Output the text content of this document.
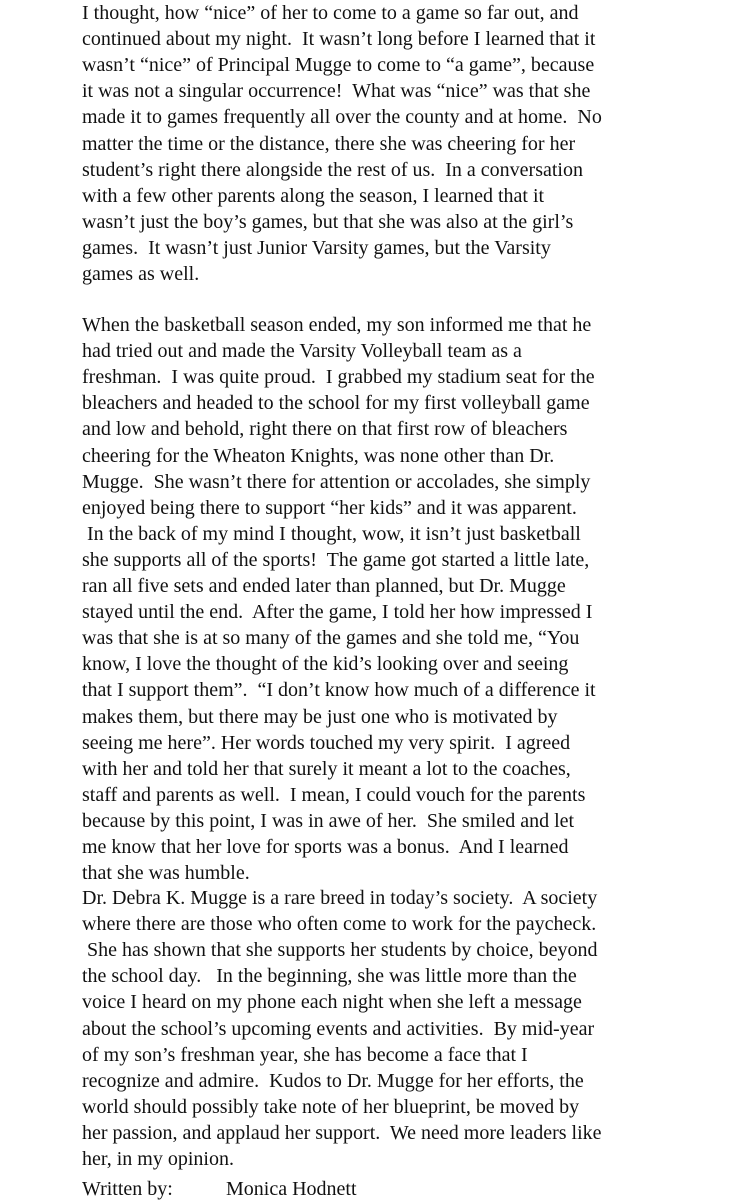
I thought, how “nice” of her to come to a game so far out, and

continued about my night.  It wasn’t long before I learned that it

wasn’t “nice” of Principal Mugge to come to “a game”, because

it was not a singular occurrence!  What was “nice” was that she

made it to games frequently all over the county and at home.  No

matter the time or the distance, there she was cheering for her

student’s right there alongside the rest of us.  In a conversation

with a few other parents along the season, I learned that it

wasn’t just the boy’s games, but that she was also at the girl’s

games.  It wasn’t just Junior Varsity games, but the Varsity

games as well.

When the basketball season ended, my son informed me that he

had tried out and made the Varsity Volleyball team as a

freshman.  I was quite proud.  I grabbed my stadium seat for the

bleachers and headed to the school for my first volleyball game

and low and behold, right there on that first row of bleachers

cheering for the Wheaton Knights, was none other than Dr.

Mugge.  She wasn’t there for attention or accolades, she simply

enjoyed being there to support “her kids” and it was apparent.

In the back of my mind I thought, wow, it isn’t just basketball

she supports all of the sports!  The game got started a little late,

ran all five sets and ended later than planned, but Dr. Mugge

stayed until the end.  After the game, I told her how impressed I

was that she is at so many of the games and she told me, “You

know, I love the thought of the kid’s looking over and seeing

that I support them”.  “I don’t know how much of a difference it

makes them, but there may be just one who is motivated by

seeing me here”. Her words touched my very spirit.  I agreed

with her and told her that surely it meant a lot to the coaches,

staff and parents as well.  I mean, I could vouch for the parents

because by this point, I was in awe of her.  She smiled and let

me know that her love for sports was a bonus.  And I learned

that she was humble.

Dr. Debra K. Mugge is a rare breed in today’s society.  A society

where there are those who often come to work for the paycheck.

She has shown that she supports her students by choice, beyond

the school day.   In the beginning, she was little more than the

voice I heard on my phone each night when she left a message

about the school’s upcoming events and activities.  By mid-year

of my son’s freshman year, she has become a face that I

recognize and admire.  Kudos to Dr. Mugge for her efforts, the

world should possibly take note of her blueprint, be moved by

her passion, and applaud her support.  We need more leaders like

her, in my opinion.

Written by:	Monica Hodnett
